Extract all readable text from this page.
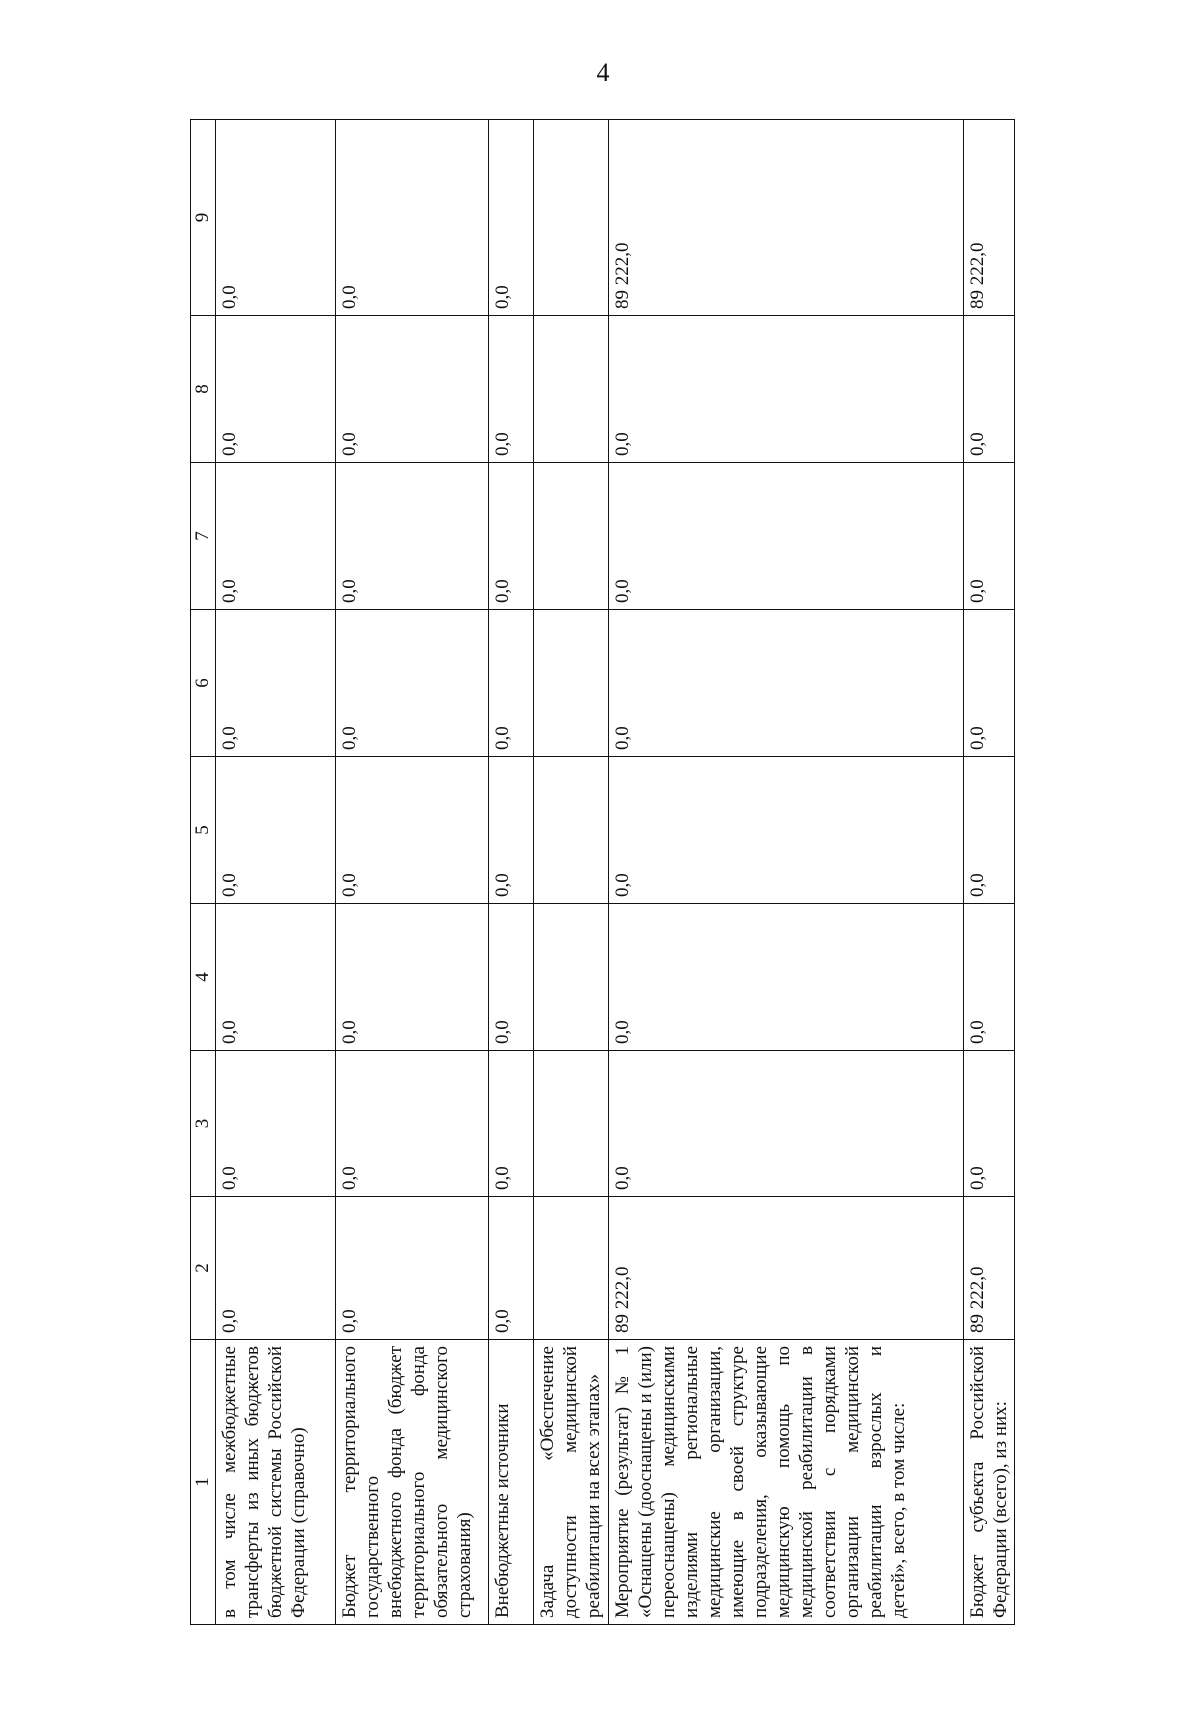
4
1	2	3	4	5	6	7	8	9

в том числе межбюджетные трансферты из иных бюджетов бюджетной системы Российской Федерации (справочно)	0,0	0,0	0,0	0,0	0,0	0,0	0,0	0,0

Бюджет территориального государственного внебюджетного фонда (бюджет территориального фонда обязательного медицинского страхования)	0,0	0,0	0,0	0,0	0,0	0,0	0,0	0,0

Внебюджетные источники	0,0	0,0	0,0	0,0	0,0	0,0	0,0	0,0

Задача «Обеспечение доступности медицинской реабилитации на всех этапах»								

Мероприятие (результат) № 1 «Оснащены (дооснащены и (или) переоснащены) медицинскими изделиями региональные медицинские организации, имеющие в своей структуре подразделения, оказывающие медицинскую помощь по медицинской реабилитации в соответствии с порядками организации медицинской реабилитации взрослых и детей», всего, в том числе:	89 222,0	0,0	0,0	0,0	0,0	0,0	0,0	89 222,0

Бюджет субъекта Российской Федерации (всего), из них:	89 222,0	0,0	0,0	0,0	0,0	0,0	0,0	89 222,0
